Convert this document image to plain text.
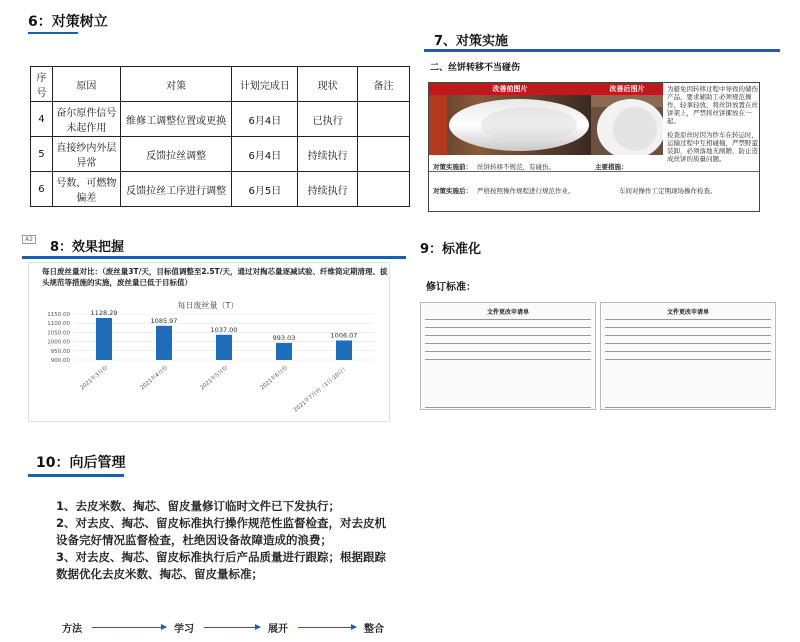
6：对策树立
序号	原因	对策	计划完成日	现状	备注
4	奋尔原件信号未起作用	维修工调整位置或更换	6月4日	已执行	
5	直接纱内外层异常	反馈拉丝调整	6月4日	持续执行	
6	号数，可燃物偏差	反馈拉丝工序进行调整	6月5日	持续执行	
7、对策实施
二、丝饼转移不当碰伤
改善前图片	改善后图片	为避免因转移过程中导致的储伤产品，要求辅助工必须规范操作，轻拿轻放，将丝饼放置在丝饼架上，严禁将丝饼摞放在一起。
检查原丝时因为纱车在转运时，运输过程中互相碰撞，严禁野蛮装卸，必须落地无剐蹭，防止造成丝饼的质量问题。
对策实施前： 丝饼转移不规范，有碰伤。	主要措施：
对策实施后： 严格按照操作规程进行规范作业。	车间对操作工定期现场操作检查。
A2
8：效果把握
每日废丝量对比：（废丝量3T/天，目标值调整至2.5T/天，通过对掏芯量逐减试验、纤维筒定期清理、拔头规范等措施的实施，废丝量已低于目标值）
每日废丝量（T）
1150.00
1100.00
1050.00
1000.00
950.00
900.00
1128.29
1085.97
1037.00
993.03	1006.07
2021年3月份	2021年4月份	2021年5月份	2021年6月份 2021年7月份（1日-10日）
9：标准化
修订标准：
文件更改申请单	文件更改申请单
10：向后管理
1、去皮米数、掏芯、留皮量修订临时文件已下发执行；
2、对去皮、掏芯、留皮标准执行操作规范性监督检查，对去皮机设备完好情况监督检查，杜绝因设备故障造成的浪费；
3、对去皮、掏芯、留皮标准执行后产品质量进行跟踪；根据跟踪数据优化去皮米数、掏芯、留皮量标准；
方法	学习	展开	整合
